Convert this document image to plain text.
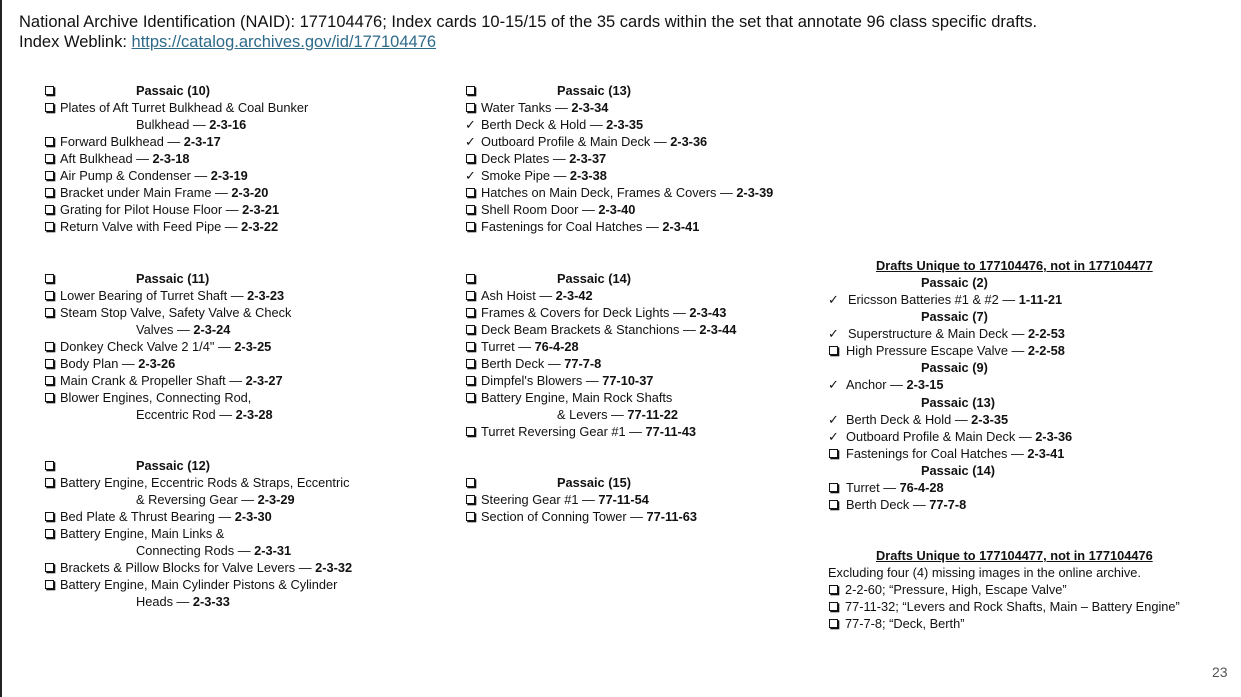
National Archive Identification (NAID): 177104476; Index cards 10-15/15 of the 35 cards within the set that annotate 96 class specific drafts.
Index Weblink: https://catalog.archives.gov/id/177104476
Passaic (10)
Plates of Aft Turret Bulkhead & Coal Bunker
Bulkhead — 2-3-16
Forward Bulkhead — 2-3-17
Aft Bulkhead — 2-3-18
Air Pump & Condenser — 2-3-19
Bracket under Main Frame — 2-3-20
Grating for Pilot House Floor — 2-3-21
Return Valve with Feed Pipe — 2-3-22
Passaic (11)
Lower Bearing of Turret Shaft — 2-3-23
Steam Stop Valve, Safety Valve & Check
Valves — 2-3-24
Donkey Check Valve 2 1/4" — 2-3-25
Body Plan — 2-3-26
Main Crank & Propeller Shaft — 2-3-27
Blower Engines, Connecting Rod,
Eccentric Rod — 2-3-28
Passaic (12)
Battery Engine, Eccentric Rods & Straps, Eccentric
& Reversing Gear — 2-3-29
Bed Plate & Thrust Bearing — 2-3-30
Battery Engine, Main Links &
Connecting Rods — 2-3-31
Brackets & Pillow Blocks for Valve Levers — 2-3-32
Battery Engine, Main Cylinder Pistons & Cylinder
Heads — 2-3-33
Passaic (13)
Water Tanks — 2-3-34
✓ Berth Deck & Hold — 2-3-35
✓ Outboard Profile & Main Deck — 2-3-36
Deck Plates — 2-3-37
✓ Smoke Pipe — 2-3-38
Hatches on Main Deck, Frames & Covers — 2-3-39
Shell Room Door — 2-3-40
Fastenings for Coal Hatches — 2-3-41
Passaic (14)
Ash Hoist — 2-3-42
Frames & Covers for Deck Lights — 2-3-43
Deck Beam Brackets & Stanchions — 2-3-44
Turret — 76-4-28
Berth Deck — 77-7-8
Dimpfel's Blowers — 77-10-37
Battery Engine, Main Rock Shafts
& Levers — 77-11-22
Turret Reversing Gear #1 — 77-11-43
Passaic (15)
Steering Gear #1 — 77-11-54
Section of Conning Tower — 77-11-63
Drafts Unique to 177104476, not in 177104477
Passaic (2)
✓ Ericsson Batteries #1 & #2 — 1-11-21
Passaic (7)
✓ Superstructure & Main Deck — 2-2-53
High Pressure Escape Valve — 2-2-58
Passaic (9)
✓ Anchor — 2-3-15
Passaic (13)
✓ Berth Deck & Hold — 2-3-35
✓ Outboard Profile & Main Deck — 2-3-36
Fastenings for Coal Hatches — 2-3-41
Passaic (14)
Turret — 76-4-28
Berth Deck — 77-7-8
Drafts Unique to 177104477, not in 177104476
Excluding four (4) missing images in the online archive.
2-2-60; “Pressure, High, Escape Valve”
77-11-32; “Levers and Rock Shafts, Main – Battery Engine”
77-7-8; “Deck, Berth”
23
